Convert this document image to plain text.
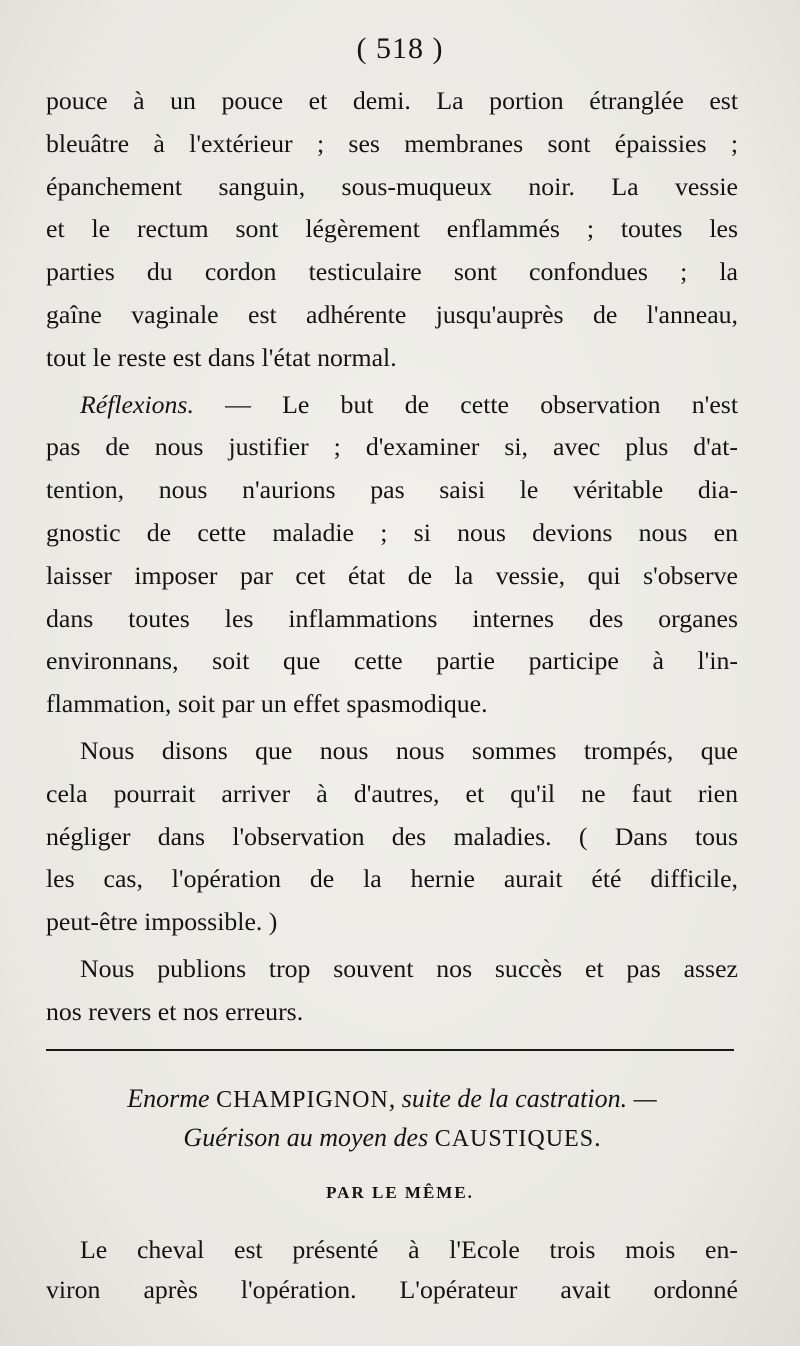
( 518 )

pouce à un pouce et demi. La portion étranglée est
bleuâtre à l'extérieur ; ses membranes sont épaissies ;
épanchement sanguin, sous-muqueux noir. La vessie
et le rectum sont légèrement enflammés ; toutes les
parties du cordon testiculaire sont confondues ; la
gaîne vaginale est adhérente jusqu'auprès de l'anneau,
tout le reste est dans l'état normal.

Réflexions. — Le but de cette observation n'est
pas de nous justifier ; d'examiner si, avec plus d'at-
tention, nous n'aurions pas saisi le véritable dia-
gnostic de cette maladie ; si nous devions nous en
laisser imposer par cet état de la vessie, qui s'observe
dans toutes les inflammations internes des organes
environnans, soit que cette partie participe à l'in-
flammation, soit par un effet spasmodique.

Nous disons que nous nous sommes trompés, que
cela pourrait arriver à d'autres, et qu'il ne faut rien
négliger dans l'observation des maladies. ( Dans tous
les cas, l'opération de la hernie aurait été difficile,
peut-être impossible. )

Nous publions trop souvent nos succès et pas assez
nos revers et nos erreurs.

Enorme CHAMPIGNON, suite de la castration. —
Guérison au moyen des CAUSTIQUES.
PAR LE MÊME.
Le cheval est présenté à l'Ecole trois mois en-
viron après l'opération. L'opérateur avait ordonné
